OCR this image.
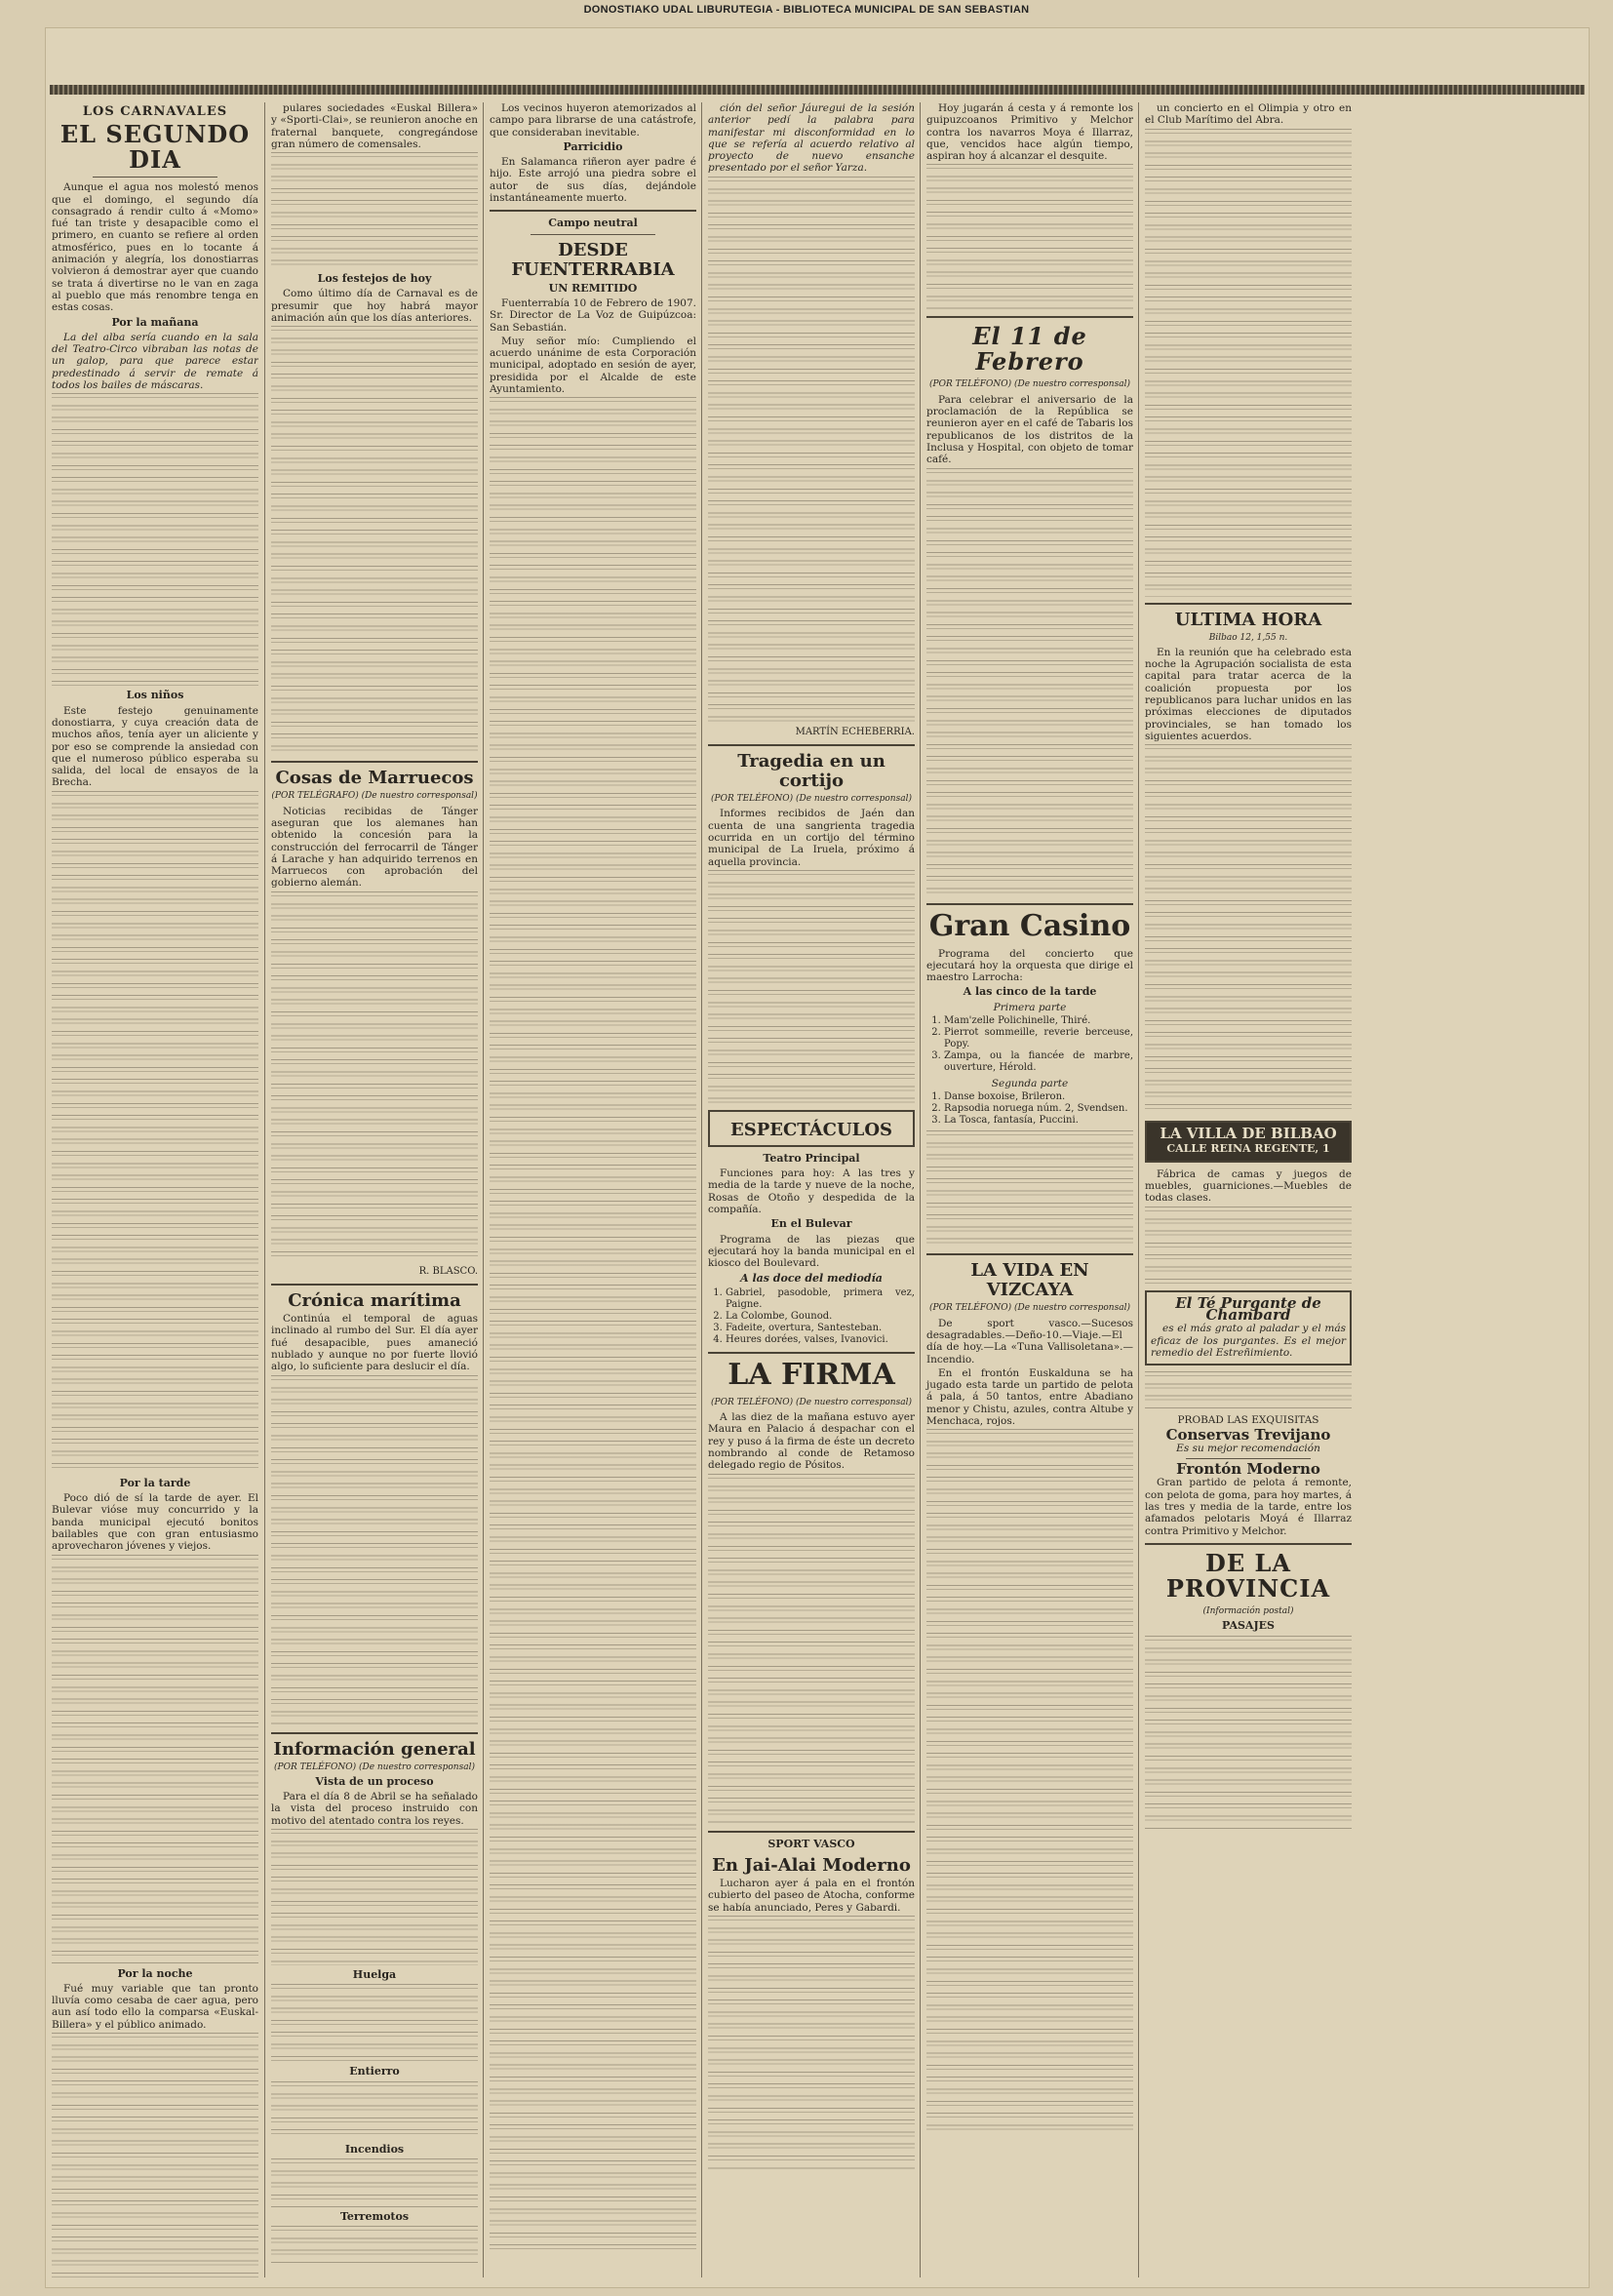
DONOSTIAKO UDAL LIBURUTEGIA - BIBLIOTECA MUNICIPAL DE SAN SEBASTIAN
LOS CARNAVALES
EL SEGUNDO DIA

Aunque el agua nos molestó menos que el domingo, el segundo día consagrado á rendir culto á «Momo» fué tan triste y desapacible como el primero, en cuanto se refiere al orden atmosférico, pues en lo tocante á animación y alegría, los donostiarras volvieron á demostrar ayer que cuando se trata á divertirse no le van en zaga al pueblo que más renombre tenga en estas cosas.

Por la mañana

La del alba sería cuando en la sala del Teatro-Circo vibraban las notas de un galop, para que parece estar predestinado á servir de remate á todos los bailes de máscaras.

Los niños

Este festejo genuinamente donostiarra, y cuya creación data de muchos años, tenía ayer un aliciente y por eso se comprende la ansiedad con que el numeroso público esperaba su salida, del local de ensayos de la Brecha.

Por la tarde

Poco dió de sí la tarde de ayer. El Bulevar vióse muy concurrido y la banda municipal ejecutó bonitos bailables que con gran entusiasmo aprovecharon jóvenes y viejos.

Por la noche

Fué muy variable que tan pronto lluvía como cesaba de caer agua, pero aun así todo ello la comparsa «Euskal-Billera» y el público animado.

pulares sociedades «Euskal Billera» y «Sporti-Clai», se reunieron anoche en fraternal banquete, congregándose gran número de comensales.

Los festejos de hoy

Como último día de Carnaval es de presumir que hoy habrá mayor animación aún que los días anteriores.

Cosas de Marruecos
(POR TELÉGRAFO) (De nuestro corresponsal)

Noticias recibidas de Tánger aseguran que los alemanes han obtenido la concesión para la construcción del ferrocarril de Tánger á Larache y han adquirido terrenos en Marruecos con aprobación del gobierno alemán.

R. BLASCO.
Crónica marítima

Continúa el temporal de aguas inclinado al rumbo del Sur. El día ayer fué desapacible, pues amaneció nublado y aunque no por fuerte llovió algo, lo suficiente para deslucir el día.

Información general
(POR TELÉFONO) (De nuestro corresponsal)
Vista de un proceso

Para el día 8 de Abril se ha señalado la vista del proceso instruido con motivo del atentado contra los reyes.

Huelga
Entierro
Incendios
Terremotos

Los vecinos huyeron atemorizados al campo para librarse de una catástrofe, que consideraban inevitable.

Parricidio

En Salamanca riñeron ayer padre é hijo. Este arrojó una piedra sobre el autor de sus días, dejándole instantáneamente muerto.

Campo neutral
DESDE FUENTERRABIA
UN REMITIDO

Fuenterrabía 10 de Febrero de 1907. Sr. Director de La Voz de Guipúzcoa: San Sebastián.

Muy señor mío: Cumpliendo el acuerdo unánime de esta Corporación municipal, adoptado en sesión de ayer, presidida por el Alcalde de este Ayuntamiento.

ción del señor Jáuregui de la sesión anterior pedí la palabra para manifestar mi disconformidad en lo que se refería al acuerdo relativo al proyecto de nuevo ensanche presentado por el señor Yarza.

MARTÍN ECHEBERRIA.
Tragedia en un cortijo
(POR TELÉFONO) (De nuestro corresponsal)

Informes recibidos de Jaén dan cuenta de una sangrienta tragedia ocurrida en un cortijo del término municipal de La Iruela, próximo á aquella provincia.

ESPECTÁCULOS
Teatro Principal

Funciones para hoy: A las tres y media de la tarde y nueve de la noche, Rosas de Otoño y despedida de la compañía.

En el Bulevar

Programa de las piezas que ejecutará hoy la banda municipal en el kiosco del Boulevard.

A las doce del mediodía
1. Gabriel, pasodoble, primera vez, Paigne.
2. La Colombe, Gounod.
3. Fadeite, overtura, Santesteban.
4. Heures dorées, valses, Ivanovici.
LA FIRMA
(POR TELÉFONO) (De nuestro corresponsal)

A las diez de la mañana estuvo ayer Maura en Palacio á despachar con el rey y puso á la firma de éste un decreto nombrando al conde de Retamoso delegado regio de Pósitos.

SPORT VASCO
En Jai-Alai Moderno

Lucharon ayer á pala en el frontón cubierto del paseo de Atocha, conforme se había anunciado, Peres y Gabardi.

Hoy jugarán á cesta y á remonte los guipuzcoanos Primitivo y Melchor contra los navarros Moya é Illarraz, que, vencidos hace algún tiempo, aspiran hoy á alcanzar el desquite.

El 11 de Febrero
(POR TELÉFONO) (De nuestro corresponsal)

Para celebrar el aniversario de la proclamación de la República se reunieron ayer en el café de Tabaris los republicanos de los distritos de la Inclusa y Hospital, con objeto de tomar café.

Gran Casino

Programa del concierto que ejecutará hoy la orquesta que dirige el maestro Larrocha:

A las cinco de la tarde
Primera parte
1. Mam'zelle Polichinelle, Thiré.
2. Pierrot sommeille, reverie berceuse, Popy.
3. Zampa, ou la fiancée de marbre, ouverture, Hérold.
Segunda parte
1. Danse boxoise, Brileron.
2. Rapsodia noruega núm. 2, Svendsen.
3. La Tosca, fantasía, Puccini.
LA VIDA EN VIZCAYA
(POR TELÉFONO) (De nuestro corresponsal)

De sport vasco.—Sucesos desagradables.—Deño-10.—Viaje.—El día de hoy.—La «Tuna Vallisoletana».—Incendio.

En el frontón Euskalduna se ha jugado esta tarde un partido de pelota á pala, á 50 tantos, entre Abadiano menor y Chistu, azules, contra Altube y Menchaca, rojos.

un concierto en el Olimpia y otro en el Club Marítimo del Abra.

ULTIMA HORA
Bilbao 12, 1,55 n.

En la reunión que ha celebrado esta noche la Agrupación socialista de esta capital para tratar acerca de la coalición propuesta por los republicanos para luchar unidos en las próximas elecciones de diputados provinciales, se han tomado los siguientes acuerdos.

LA VILLA DE BILBAO
CALLE REINA REGENTE, 1

Fábrica de camas y juegos de muebles, guarniciones.—Muebles de todas clases.

El Té Purgante de Chambard

es el más grato al paladar y el más eficaz de los purgantes. Es el mejor remedio del Estreñimiento.

PROBAD LAS EXQUISITAS
Conservas Trevijano
Es su mejor recomendación
Frontón Moderno

Gran partido de pelota á remonte, con pelota de goma, para hoy martes, á las tres y media de la tarde, entre los afamados pelotaris Moyá é Illarraz contra Primitivo y Melchor.

DE LA PROVINCIA
(Información postal)
PASAJES
